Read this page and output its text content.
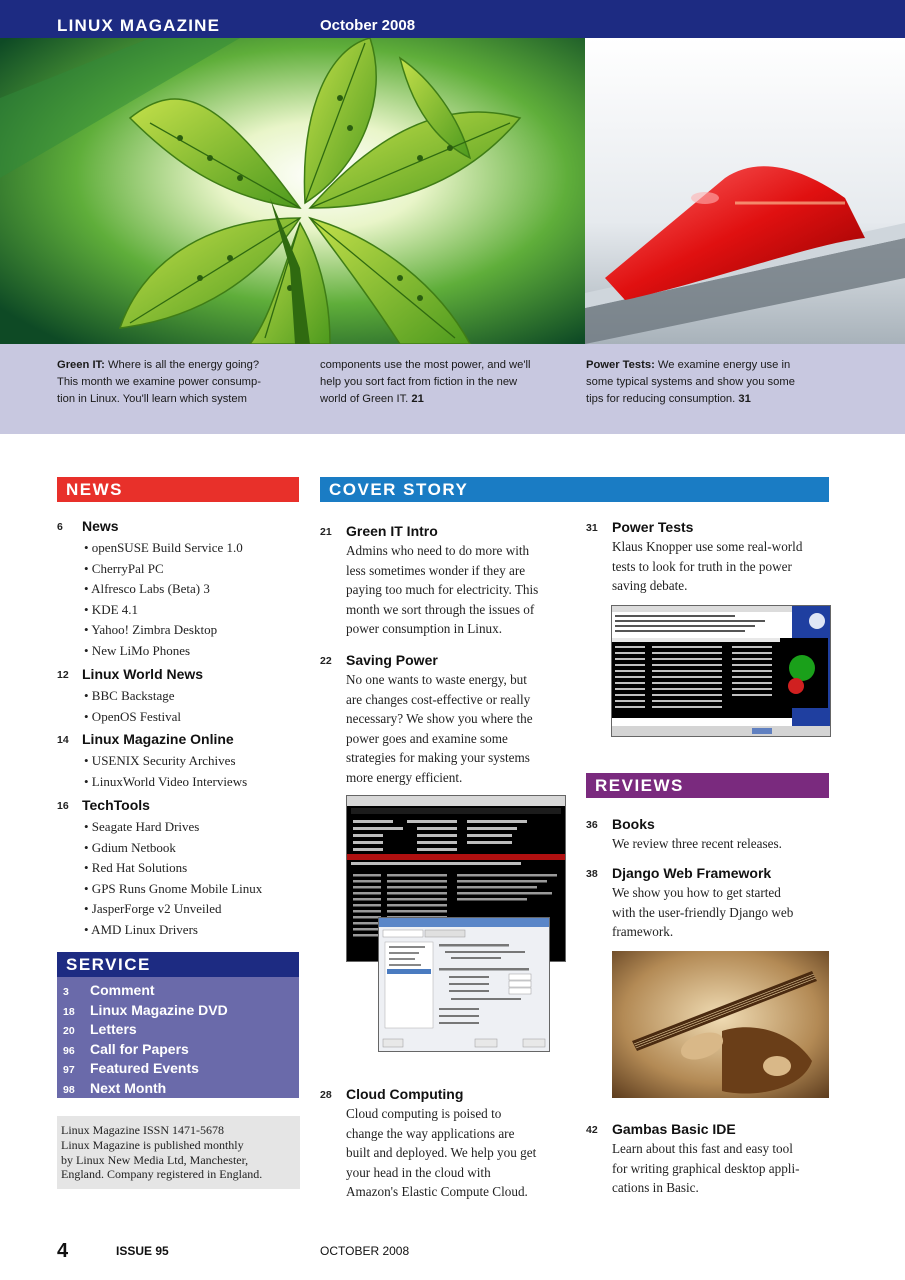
LINUX MAGAZINE	October 2008
Green IT: Where is all the energy going?
This month we examine power consump-
tion in Linux. You'll learn which system
components use the most power, and we'll
help you sort fact from fiction in the new
world of Green IT. 21
Power Tests: We examine energy use in
some typical systems and show you some
tips for reducing consumption. 31
NEWS
6 News
• openSUSE Build Service 1.0
• CherryPal PC
• Alfresco Labs (Beta) 3
• KDE 4.1
• Yahoo! Zimbra Desktop
• New LiMo Phones
12 Linux World News
• BBC Backstage
• OpenOS Festival
14 Linux Magazine Online
• USENIX Security Archives
• LinuxWorld Video Interviews
16 TechTools
• Seagate Hard Drives
• Gdium Netbook
• Red Hat Solutions
• GPS Runs Gnome Mobile Linux
• JasperForge v2 Unveiled
• AMD Linux Drivers
SERVICE
3 Comment
18 Linux Magazine DVD
20 Letters
96 Call for Papers
97 Featured Events
98 Next Month
Linux Magazine ISSN 1471-5678
Linux Magazine is published monthly
by Linux New Media Ltd, Manchester,
England. Company registered in England.
COVER STORY
21 Green IT Intro
Admins who need to do more with
less sometimes wonder if they are
paying too much for electricity. This
month we sort through the issues of
power consumption in Linux.
22 Saving Power
No one wants to waste energy, but
are changes cost-effective or really
necessary? We show you where the
power goes and examine some
strategies for making your systems
more energy efficient.
28 Cloud Computing
Cloud computing is poised to
change the way applications are
built and deployed. We help you get
your head in the cloud with
Amazon's Elastic Compute Cloud.
31 Power Tests
Klaus Knopper use some real-world
tests to look for truth in the power
saving debate.
REVIEWS
36 Books
We review three recent releases.
38 Django Web Framework
We show you how to get started
with the user-friendly Django web
framework.
42 Gambas Basic IDE
Learn about this fast and easy tool
for writing graphical desktop appli-
cations in Basic.
4	ISSUE 95	OCTOBER 2008
